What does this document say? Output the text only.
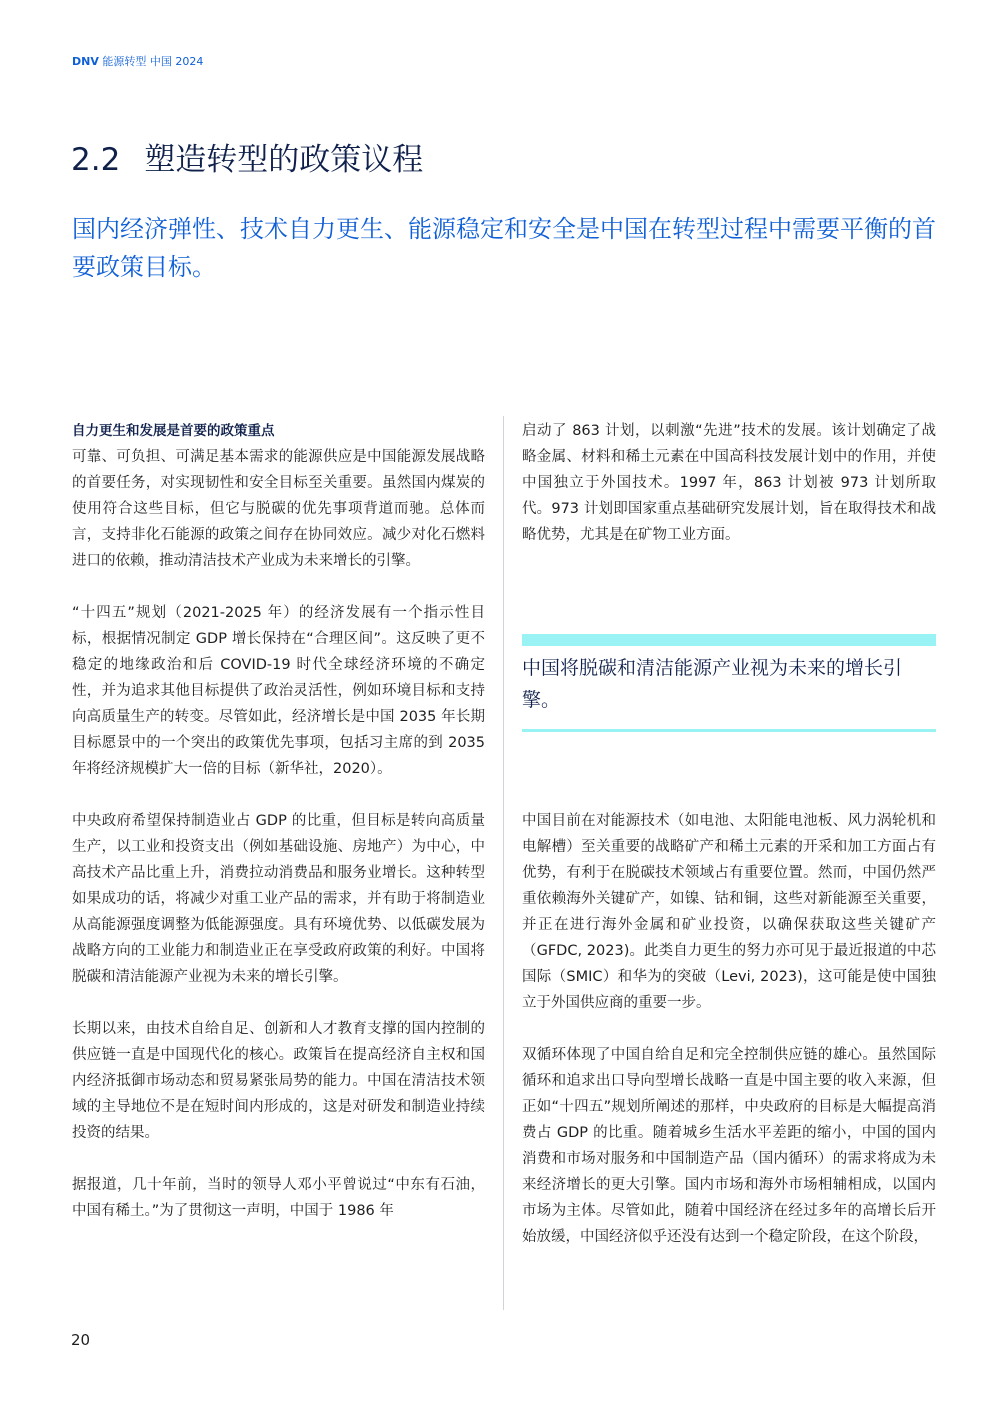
DNV 能源转型 中国 2024
2.2 塑造转型的政策议程
国内经济弹性、技术自力更生、能源稳定和安全是中国在转型过程中需要平衡的首要政策目标。

自力更生和发展是首要的政策重点

可靠、可负担、可满足基本需求的能源供应是中国能源发展战略的首要任务，对实现韧性和安全目标至关重要。虽然国内煤炭的使用符合这些目标，但它与脱碳的优先事项背道而驰。总体而言，支持非化石能源的政策之间存在协同效应。减少对化石燃料进口的依赖，推动清洁技术产业成为未来增长的引擎。

“十四五”规划（2021-2025 年）的经济发展有一个指示性目标，根据情况制定 GDP 增长保持在“合理区间”。这反映了更不稳定的地缘政治和后 COVID-19 时代全球经济环境的不确定性，并为追求其他目标提供了政治灵活性，例如环境目标和支持向高质量生产的转变。尽管如此，经济增长是中国 2035 年长期目标愿景中的一个突出的政策优先事项，包括习主席的到 2035 年将经济规模扩大一倍的目标（新华社，2020）。

中央政府希望保持制造业占 GDP 的比重，但目标是转向高质量生产，以工业和投资支出（例如基础设施、房地产）为中心，中高技术产品比重上升，消费拉动消费品和服务业增长。这种转型如果成功的话，将减少对重工业产品的需求，并有助于将制造业从高能源强度调整为低能源强度。具有环境优势、以低碳发展为战略方向的工业能力和制造业正在享受政府政策的利好。中国将脱碳和清洁能源产业视为未来的增长引擎。

长期以来，由技术自给自足、创新和人才教育支撑的国内控制的供应链一直是中国现代化的核心。政策旨在提高经济自主权和国内经济抵御市场动态和贸易紧张局势的能力。中国在清洁技术领域的主导地位不是在短时间内形成的，这是对研发和制造业持续投资的结果。

据报道，几十年前，当时的领导人邓小平曾说过“中东有石油，中国有稀土。”为了贯彻这一声明，中国于 1986 年

启动了 863 计划，以刺激“先进”技术的发展。该计划确定了战略金属、材料和稀土元素在中国高科技发展计划中的作用，并使中国独立于外国技术。1997 年，863 计划被 973 计划所取代。973 计划即国家重点基础研究发展计划，旨在取得技术和战略优势，尤其是在矿物工业方面。

中国将脱碳和清洁能源产业视为未来的增长引擎。

中国目前在对能源技术（如电池、太阳能电池板、风力涡轮机和电解槽）至关重要的战略矿产和稀土元素的开采和加工方面占有优势，有利于在脱碳技术领域占有重要位置。然而，中国仍然严重依赖海外关键矿产，如镍、钴和铜，这些对新能源至关重要，并正在进行海外金属和矿业投资，以确保获取这些关键矿产（GFDC, 2023)。此类自力更生的努力亦可见于最近报道的中芯国际（SMIC）和华为的突破（Levi, 2023)，这可能是使中国独立于外国供应商的重要一步。

双循环体现了中国自给自足和完全控制供应链的雄心。虽然国际循环和追求出口导向型增长战略一直是中国主要的收入来源，但正如“十四五”规划所阐述的那样，中央政府的目标是大幅提高消费占 GDP 的比重。随着城乡生活水平差距的缩小，中国的国内消费和市场对服务和中国制造产品（国内循环）的需求将成为未来经济增长的更大引擎。国内市场和海外市场相辅相成，以国内市场为主体。尽管如此，随着中国经济在经过多年的高增长后开始放缓，中国经济似乎还没有达到一个稳定阶段，在这个阶段，

20
